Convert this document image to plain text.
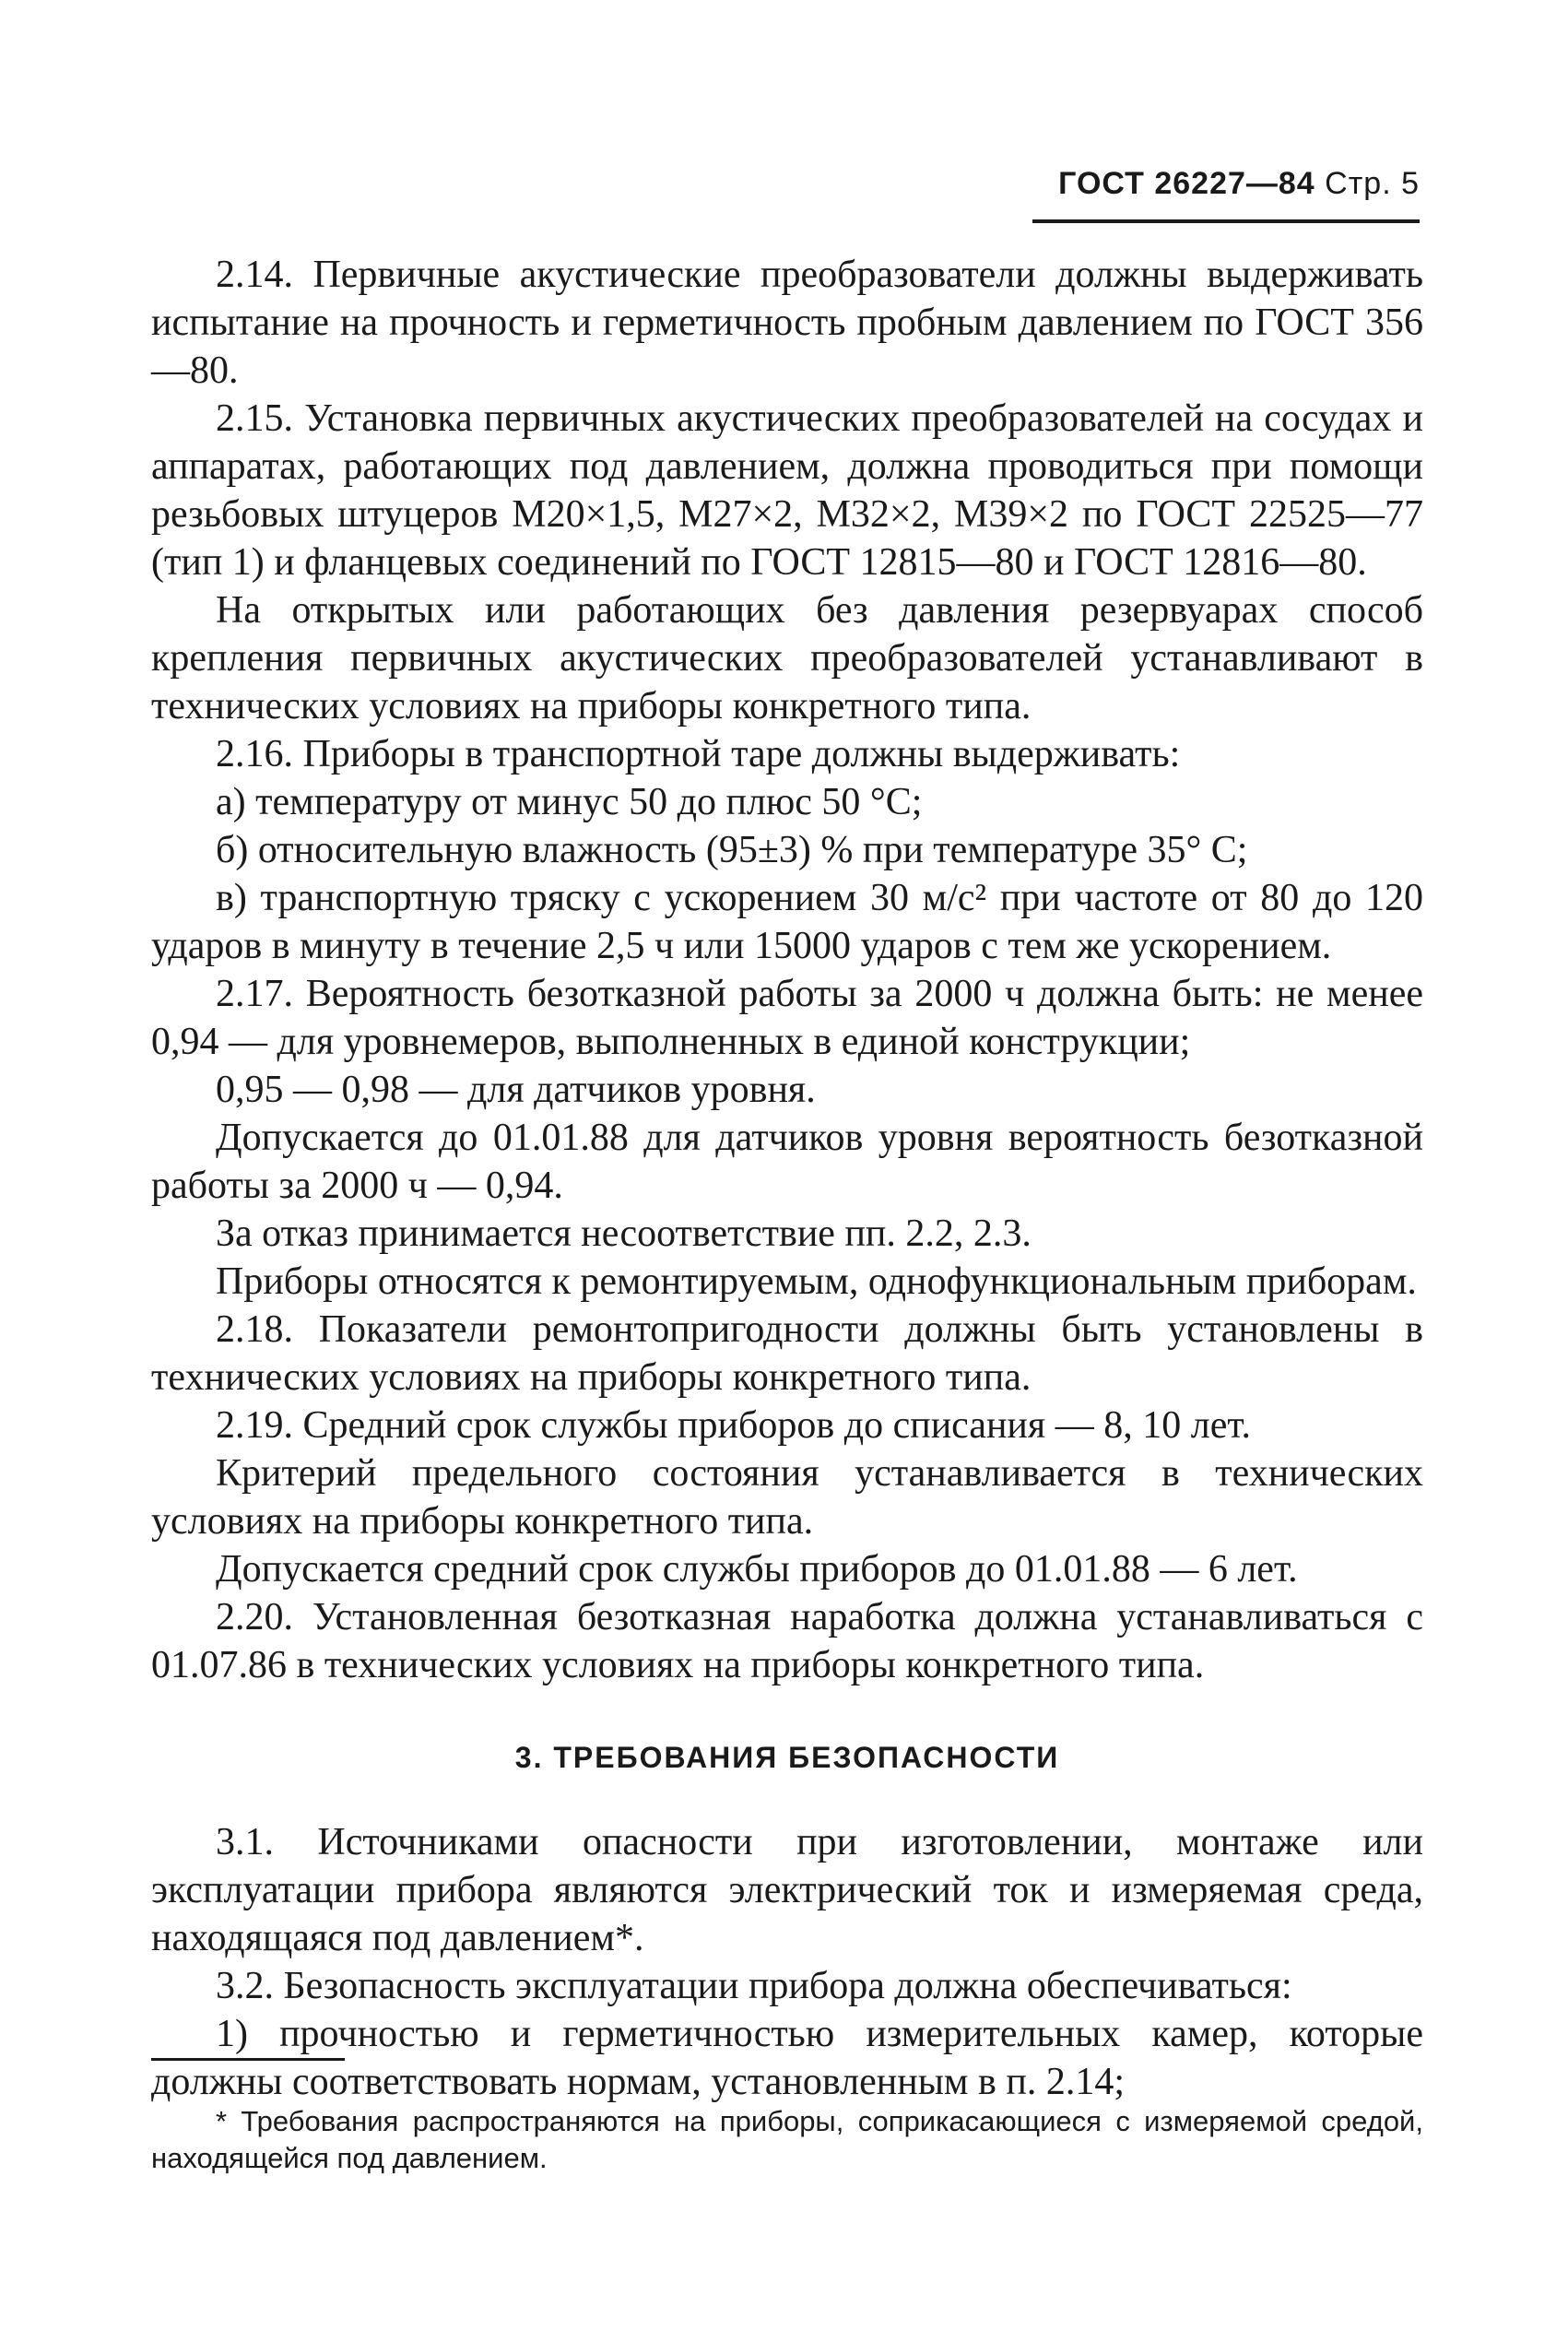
ГОСТ 26227—84 Стр. 5

2.14. Первичные акустические преобразователи должны выдерживать испытание на прочность и герметичность пробным давлением по ГОСТ 356—80.

2.15. Установка первичных акустических преобразователей на сосудах и аппаратах, работающих под давлением, должна проводиться при помощи резьбовых штуцеров M20×1,5, M27×2, M32×2, M39×2 по ГОСТ 22525—77 (тип 1) и фланцевых соединений по ГОСТ 12815—80 и ГОСТ 12816—80.

На открытых или работающих без давления резервуарах способ крепления первичных акустических преобразователей устанавливают в технических условиях на приборы конкретного типа.

2.16. Приборы в транспортной таре должны выдерживать:

а) температуру от минус 50 до плюс 50 °С;

б) относительную влажность (95±3) % при температуре 35° С;

в) транспортную тряску с ускорением 30 м/с² при частоте от 80 до 120 ударов в минуту в течение 2,5 ч или 15000 ударов с тем же ускорением.

2.17. Вероятность безотказной работы за 2000 ч должна быть: не менее 0,94 — для уровнемеров, выполненных в единой конструкции;

0,95 — 0,98 — для датчиков уровня.

Допускается до 01.01.88 для датчиков уровня вероятность безотказной работы за 2000 ч — 0,94.

За отказ принимается несоответствие пп. 2.2, 2.3.

Приборы относятся к ремонтируемым, однофункциональным приборам.

2.18. Показатели ремонтопригодности должны быть установлены в технических условиях на приборы конкретного типа.

2.19. Средний срок службы приборов до списания — 8, 10 лет.

Критерий предельного состояния устанавливается в технических условиях на приборы конкретного типа.

Допускается средний срок службы приборов до 01.01.88 — 6 лет.

2.20. Установленная безотказная наработка должна устанавливаться с 01.07.86 в технических условиях на приборы конкретного типа.

3. ТРЕБОВАНИЯ БЕЗОПАСНОСТИ

3.1. Источниками опасности при изготовлении, монтаже или эксплуатации прибора являются электрический ток и измеряемая среда, находящаяся под давлением*.

3.2. Безопасность эксплуатации прибора должна обеспечиваться:

1) прочностью и герметичностью измерительных камер, которые должны соответствовать нормам, установленным в п. 2.14;

* Требования распространяются на приборы, соприкасающиеся с измеряемой средой, находящейся под давлением.
